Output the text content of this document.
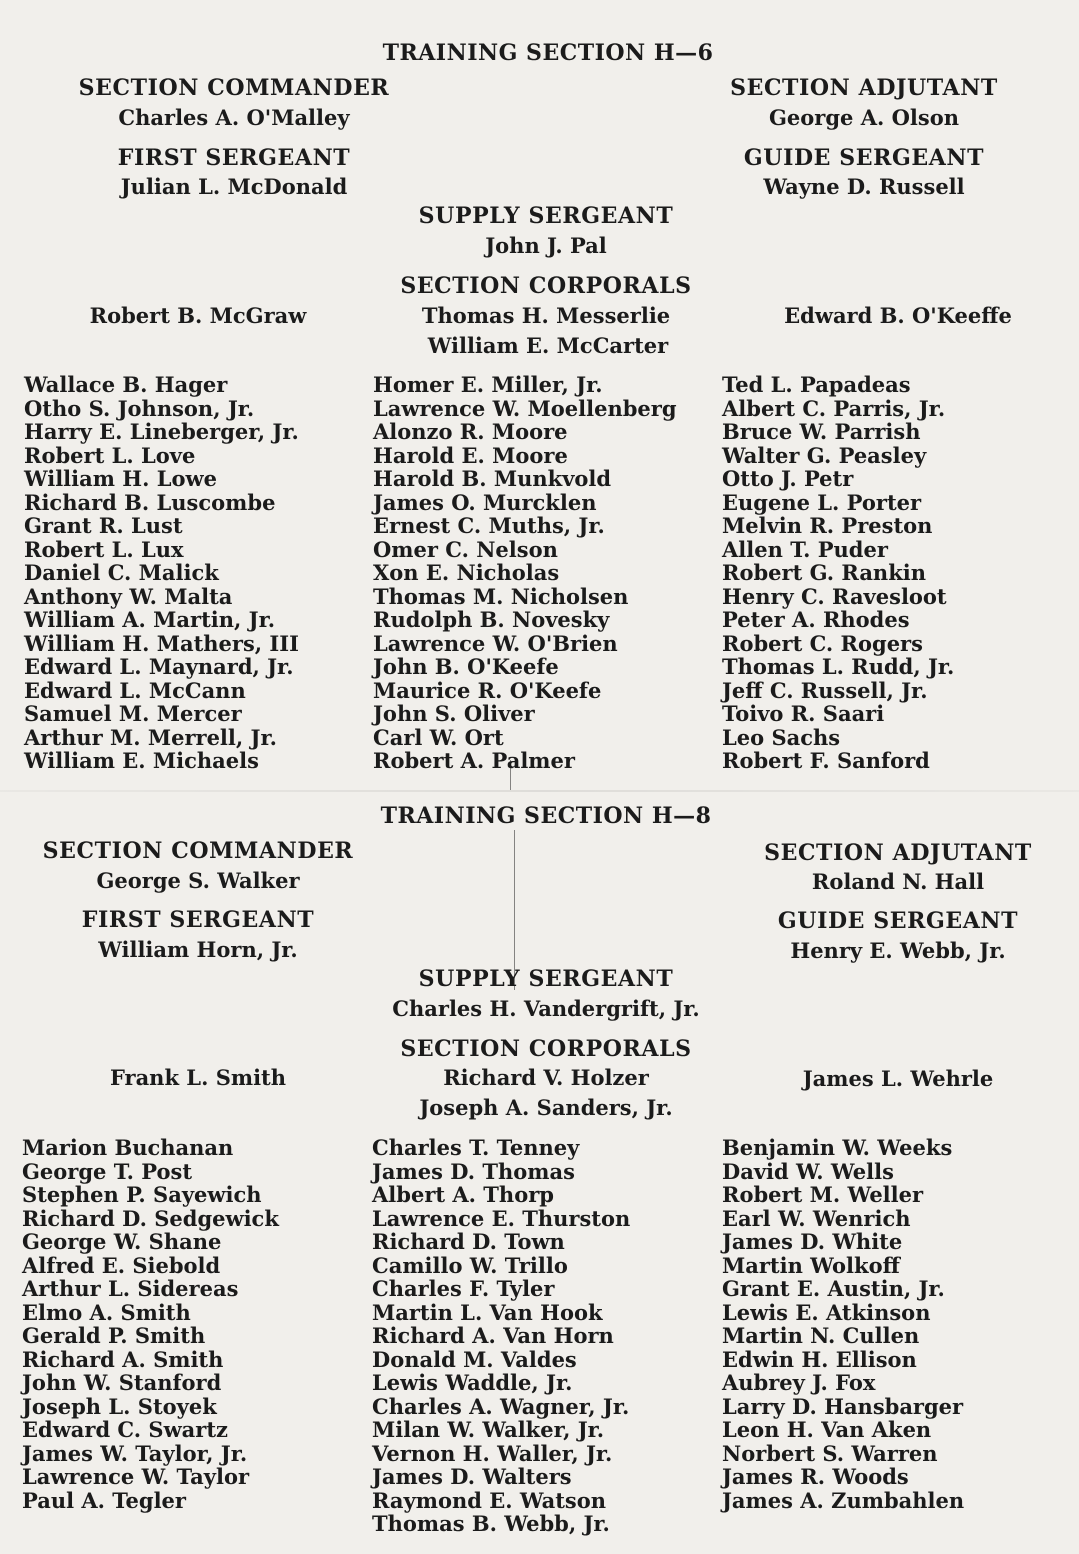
TRAINING SECTION H—6
SECTION COMMANDER
Charles A. O'Malley
SECTION ADJUTANT
George A. Olson
FIRST SERGEANT
Julian L. McDonald
GUIDE SERGEANT
Wayne D. Russell
SUPPLY SERGEANT
John J. Pal
SECTION CORPORALS
Robert B. McGraw	Thomas H. Messerlie
William E. McCarter
Edward B. O'Keeffe
Wallace B. Hager
Otho S. Johnson, Jr.
Harry E. Lineberger, Jr.
Robert L. Love
William H. Lowe
Richard B. Luscombe
Grant R. Lust
Robert L. Lux
Daniel C. Malick
Anthony W. Malta
William A. Martin, Jr.
William H. Mathers, III
Edward L. Maynard, Jr.
Edward L. McCann
Samuel M. Mercer
Arthur M. Merrell, Jr.
William E. Michaels
Homer E. Miller, Jr.
Lawrence W. Moellenberg
Alonzo R. Moore
Harold E. Moore
Harold B. Munkvold
James O. Murcklen
Ernest C. Muths, Jr.
Omer C. Nelson
Xon E. Nicholas
Thomas M. Nicholsen
Rudolph B. Novesky
Lawrence W. O'Brien
John B. O'Keefe
Maurice R. O'Keefe
John S. Oliver
Carl W. Ort
Robert A. Palmer
Ted L. Papadeas
Albert C. Parris, Jr.
Bruce W. Parrish
Walter G. Peasley
Otto J. Petr
Eugene L. Porter
Melvin R. Preston
Allen T. Puder
Robert G. Rankin
Henry C. Ravesloot
Peter A. Rhodes
Robert C. Rogers
Thomas L. Rudd, Jr.
Jeff C. Russell, Jr.
Toivo R. Saari
Leo Sachs
Robert F. Sanford
TRAINING SECTION H—8
SECTION COMMANDER
George S. Walker
SECTION ADJUTANT
Roland N. Hall
FIRST SERGEANT
William Horn, Jr.
GUIDE SERGEANT
Henry E. Webb, Jr.
SUPPLY SERGEANT
Charles H. Vandergrift, Jr.
SECTION CORPORALS
Frank L. Smith	Richard V. Holzer
Joseph A. Sanders, Jr.
James L. Wehrle
Marion Buchanan
George T. Post
Stephen P. Sayewich
Richard D. Sedgewick
George W. Shane
Alfred E. Siebold
Arthur L. Sidereas
Elmo A. Smith
Gerald P. Smith
Richard A. Smith
John W. Stanford
Joseph L. Stoyek
Edward C. Swartz
James W. Taylor, Jr.
Lawrence W. Taylor
Paul A. Tegler
Charles T. Tenney
James D. Thomas
Albert A. Thorp
Lawrence E. Thurston
Richard D. Town
Camillo W. Trillo
Charles F. Tyler
Martin L. Van Hook
Richard A. Van Horn
Donald M. Valdes
Lewis Waddle, Jr.
Charles A. Wagner, Jr.
Milan W. Walker, Jr.
Vernon H. Waller, Jr.
James D. Walters
Raymond E. Watson
Thomas B. Webb, Jr.
Benjamin W. Weeks
David W. Wells
Robert M. Weller
Earl W. Wenrich
James D. White
Martin Wolkoff
Grant E. Austin, Jr.
Lewis E. Atkinson
Martin N. Cullen
Edwin H. Ellison
Aubrey J. Fox
Larry D. Hansbarger
Leon H. Van Aken
Norbert S. Warren
James R. Woods
James A. Zumbahlen
